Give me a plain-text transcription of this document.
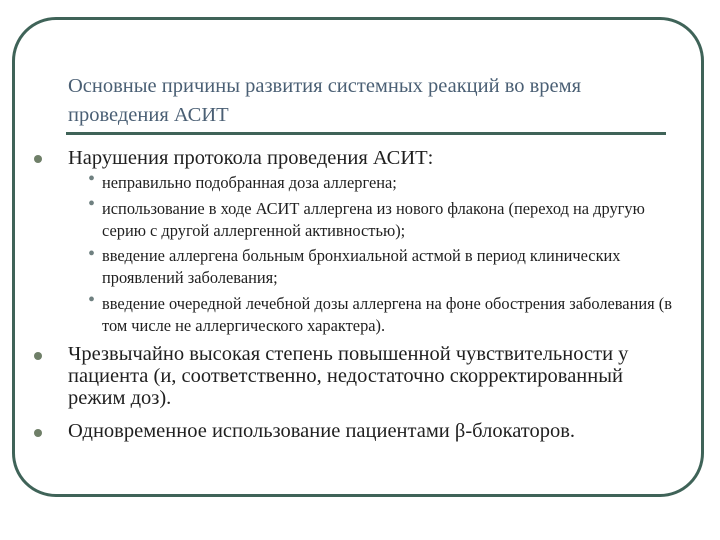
Основные причины развития системных реакций во время проведения АСИТ
Нарушения протокола проведения АСИТ:
• неправильно подобранная доза аллергена;
• использование в ходе АСИТ аллергена из нового флакона (переход на другую серию с другой аллергенной активностью);
• введение аллергена больным бронхиальной астмой в период клинических проявлений заболевания;
• введение очередной лечебной дозы аллергена на фоне обострения заболевания (в том числе не аллергического характера).
Чрезвычайно высокая степень повышенной чувствительности у пациента (и, соответственно, недостаточно скорректированный режим доз).
Одновременное использование пациентами β-блокаторов.
